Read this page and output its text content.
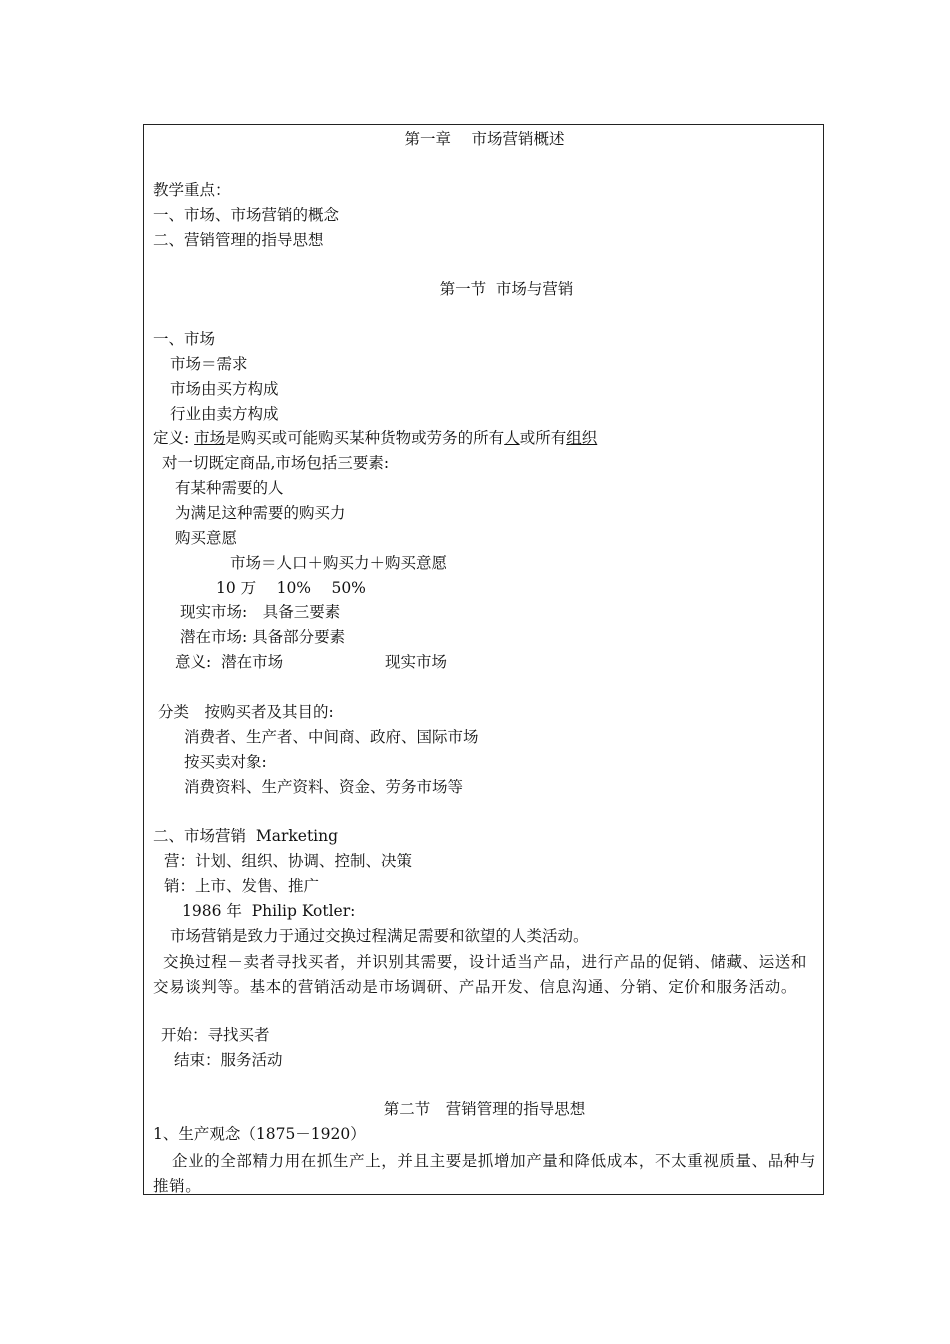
第一章　 市场营销概述
教学重点：
一、市场、市场营销的概念
二、营销管理的指导思想
第一节  市场与营销
一、市场
市场＝需求
市场由买方构成
行业由卖方构成
定义: 市场是购买或可能购买某种货物或劳务的所有人或所有组织
对一切既定商品,市场包括三要素:
有某种需要的人
为满足这种需要的购买力
购买意愿
市场＝人口＋购买力＋购买意愿
10 万　 10%　 50%
现实市场:　具备三要素
潜在市场: 具备部分要素
意义:  潜在市场	现实市场
分类　按购买者及其目的:
消费者、生产者、中间商、政府、国际市场
按买卖对象:
消费资料、生产资料、资金、劳务市场等
二、市场营销  Marketing
营：计划、组织、协调、控制、决策
销：上市、发售、推广
1986 年  Philip Kotler:
市场营销是致力于通过交换过程满足需要和欲望的人类活动。
交换过程－卖者寻找买者，并识别其需要，设计适当产品，进行产品的促销、储藏、运送和交易谈判等。基本的营销活动是市场调研、产品开发、信息沟通、分销、定价和服务活动。
开始：寻找买者
结束：服务活动
第二节　营销管理的指导思想
1、生产观念（1875－1920）
企业的全部精力用在抓生产上，并且主要是抓增加产量和降低成本，不太重视质量、品种与推销。
